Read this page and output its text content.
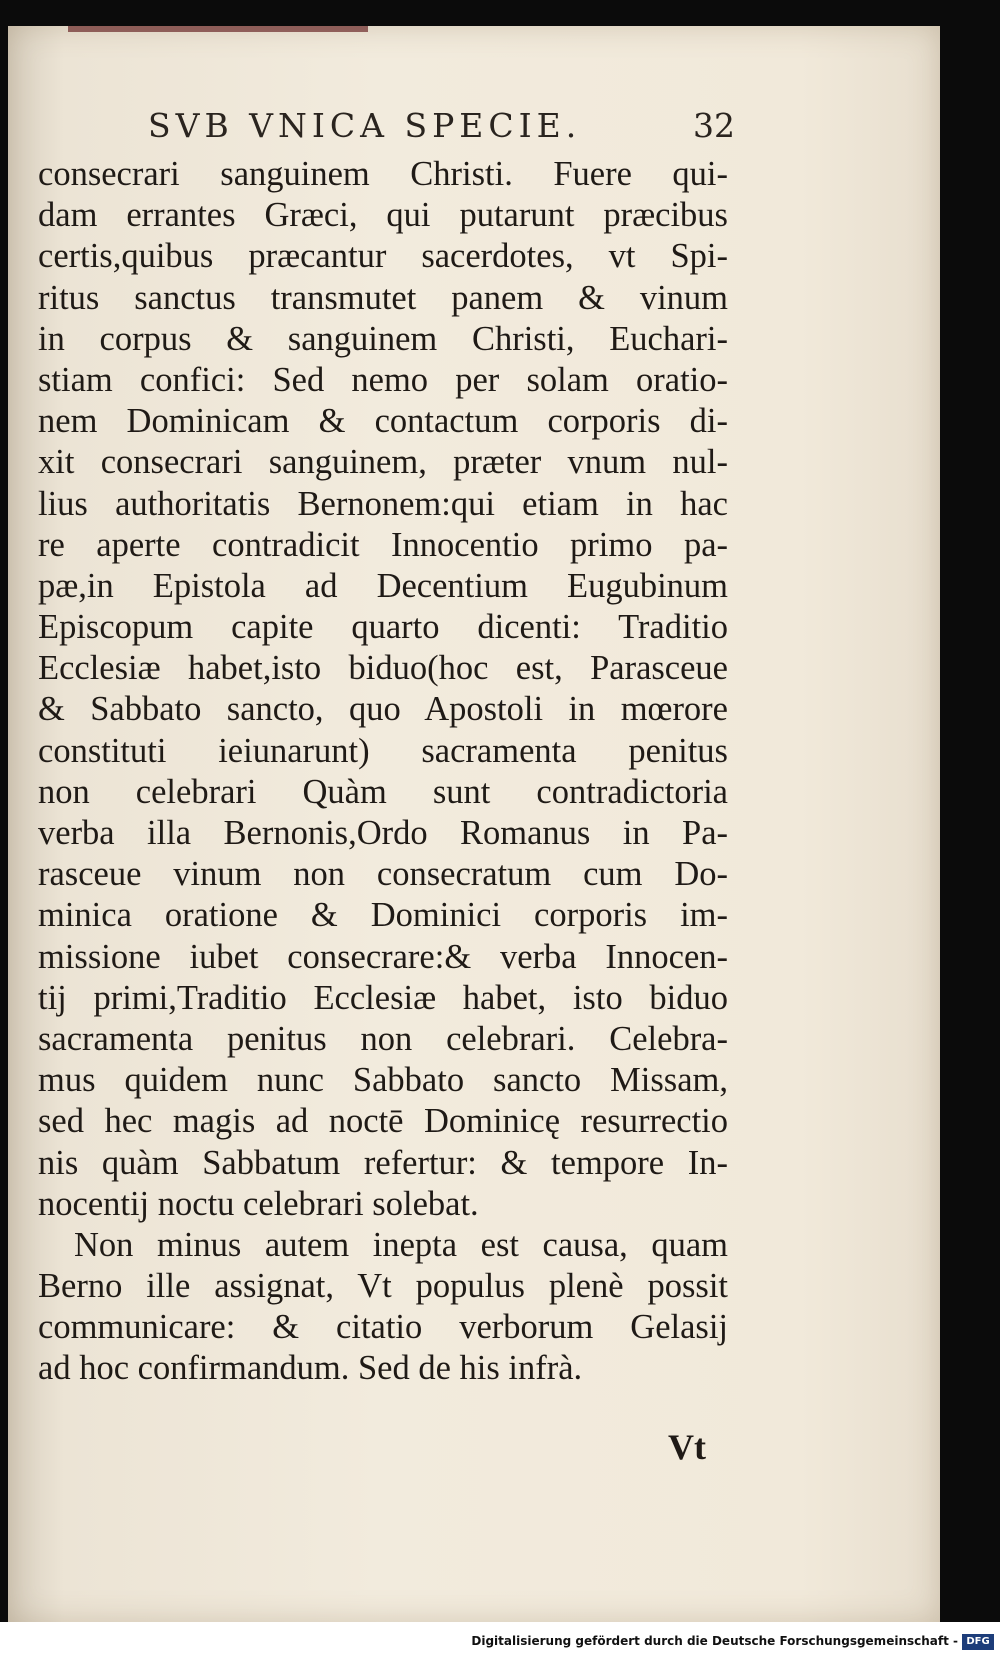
SVB VNICA SPECIE.	32
consecrari sanguinem Christi. Fuere qui-
dam errantes Græci, qui putarunt præcibus
certis,quibus præcantur sacerdotes, vt Spi-
ritus sanctus transmutet panem & vinum
in corpus & sanguinem Christi, Euchari-
stiam confici: Sed nemo per solam oratio-
nem Dominicam & contactum corporis di-
xit consecrari sanguinem, præter vnum nul-
lius authoritatis Bernonem:qui etiam in hac
re aperte contradicit Innocentio primo pa-
pæ,in Epistola ad Decentium Eugubinum
Episcopum capite quarto dicenti: Traditio
Ecclesiæ habet,isto biduo(hoc est, Parasceue
& Sabbato sancto, quo Apostoli in mœrore
constituti ieiunarunt) sacramenta penitus
non celebrari Quàm sunt contradictoria
verba illa Bernonis,Ordo Romanus in Pa-
rasceue vinum non consecratum cum Do-
minica oratione & Dominici corporis im-
missione iubet consecrare:& verba Innocen-
tij primi,Traditio Ecclesiæ habet, isto biduo
sacramenta penitus non celebrari. Celebra-
mus quidem nunc Sabbato sancto Missam,
sed hec magis ad noctē Dominicę resurrectio
nis quàm Sabbatum refertur: & tempore In-
nocentij noctu celebrari solebat.
Non minus autem inepta est causa, quam
Berno ille assignat, Vt populus plenè possit
communicare: & citatio verborum Gelasij
ad hoc confirmandum. Sed de his infrà.
Vt
Digitalisierung gefördert durch die Deutsche Forschungsgemeinschaft - DFG
